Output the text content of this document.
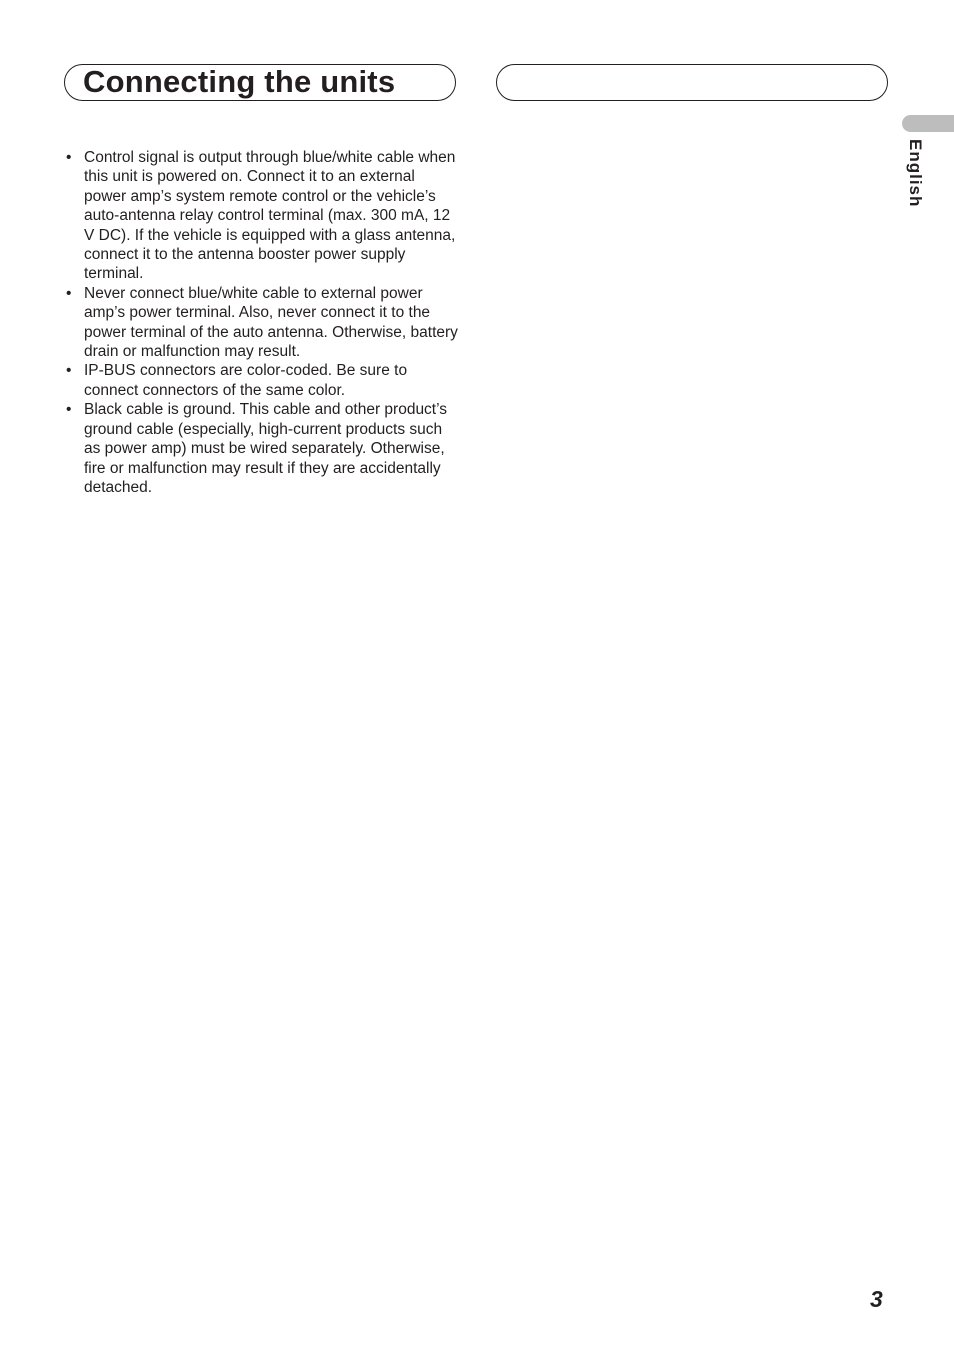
Connecting the units
English
• Control signal is output through blue/white cable when this unit is powered on. Connect it to an external power amp’s system remote control or the vehicle’s auto-antenna relay control terminal (max. 300 mA, 12 V DC). If the vehicle is equipped with a glass antenna, connect it to the antenna booster power supply terminal.
• Never connect blue/white cable to external power amp’s power terminal. Also, never connect it to the power terminal of the auto antenna. Otherwise, battery drain or malfunction may result.
• IP-BUS connectors are color-coded. Be sure to connect connectors of the same color.
• Black cable is ground. This cable and other product’s ground cable (especially, high-current products such as power amp) must be wired separately. Otherwise, fire or malfunction may result if they are accidentally detached.
3
